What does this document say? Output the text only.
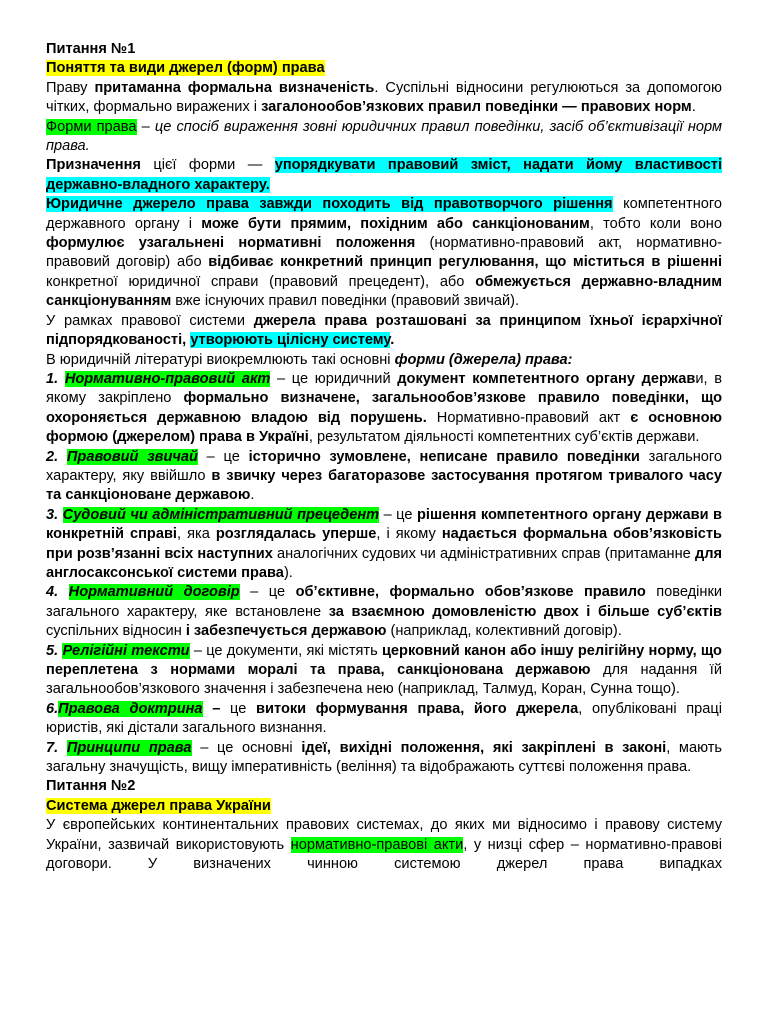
Питання №1

Поняття та види джерел (форм) права

Праву притаманна формальна визначеність. Суспільні відносини регулюються за допомогою чітких, формально виражених і загалонообов’язкових правил поведінки — правових норм.

Форми права – це спосіб вираження зовні юридичних правил поведінки, засіб об’єктивізації норм права.

Призначення цієї форми — упорядкувати правовий зміст, надати йому властивості державно-владного характеру.

Юридичне джерело права завжди походить від правотворчого рішення компетентного державного органу і може бути прямим, похідним або санкціонованим, тобто коли воно формулює узагальнені нормативні положення (нормативно-правовий акт, нормативно-правовий договір) або відбиває конкретний принцип регулювання, що міститься в рішенні конкретної юридичної справи (правовий прецедент), або обмежується державно-владним санкціонуванням вже існуючих правил поведінки (правовий звичай).

У рамках правової системи джерела права розташовані за принципом їхньої ієрархічної підпорядкованості, утворюють цілісну систему.

В юридичній літературі виокремлюють такі основні форми (джерела) права:

1. Нормативно-правовий акт – це юридичний документ компетентного органу держави, в якому закріплено формально визначене, загальнообов’язкове правило поведінки, що охороняється державною владою від порушень. Нормативно-правовий акт є основною формою (джерелом) права в Україні, результатом діяльності компетентних суб’єктів держави.

2. Правовий звичай – це історично зумовлене, неписане правило поведінки загального характеру, яку ввійшло в звичку через багаторазове застосування протягом тривалого часу та санкціоноване державою.

3. Судовий чи адміністративний прецедент – це рішення компетентного органу держави в конкретній справі, яка розглядалась уперше, і якому надається формальна обов’язковість при розв’язанні всіх наступних аналогічних судових чи адміністративних справ (притаманне для англосаксонської системи права).

4. Нормативний договір – це об’єктивне, формально обов’язкове правило поведінки загального характеру, яке встановлене за взаємною домовленістю двох і більше суб’єктів суспільних відносин і забезпечується державою (наприклад, колективний договір).

5. Релігійні тексти – це документи, які містять церковний канон або іншу релігійну норму, що переплетена з нормами моралі та права, санкціонована державою для надання їй загальнообов’язкового значення і забезпечена нею (наприклад, Талмуд, Коран, Сунна тощо).

6.Правова доктрина – це витоки формування права, його джерела, опубліковані праці юристів, які дістали загального визнання.

7. Принципи права – це основні ідеї, вихідні положення, які закріплені в законі, мають загальну значущість, вищу імперативність (веління) та відображають суттєві положення права.

Питання №2

Система джерел права України

У європейських континентальних правових системах, до яких ми відносимо і правову систему України, зазвичай використовують нормативно-правові акти, у низці сфер – нормативно-правові договори. У визначених чинною системою джерел права випадках
